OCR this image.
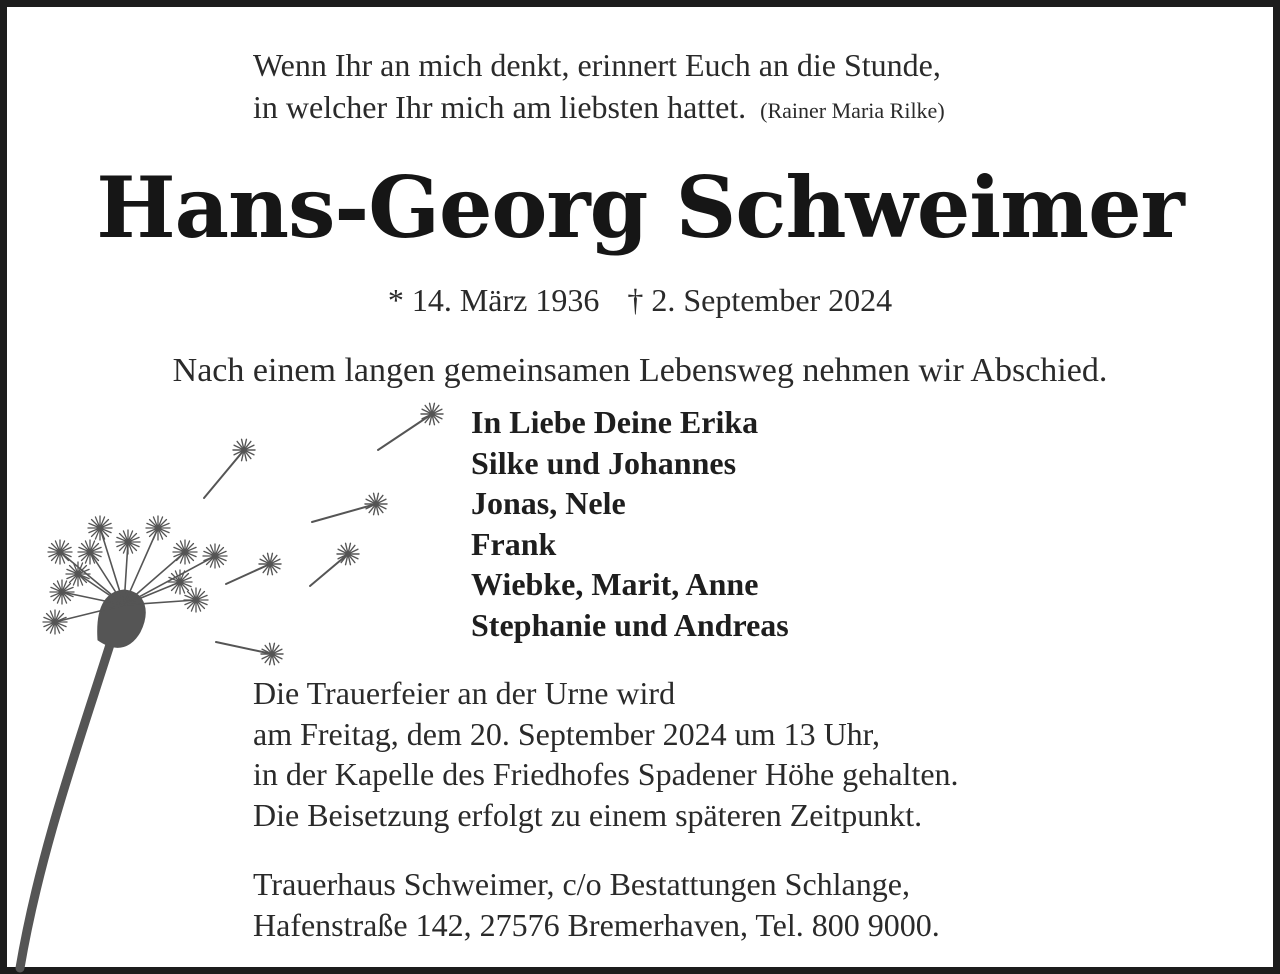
Wenn Ihr an mich denkt, erinnert Euch an die Stunde,
in welcher Ihr mich am liebsten hattet. (Rainer Maria Rilke)
Hans-Georg Schweimer
* 14. März 1936 † 2. September 2024
Nach einem langen gemeinsamen Lebensweg nehmen wir Abschied.
In Liebe Deine Erika
Silke und Johannes
Jonas, Nele
Frank
Wiebke, Marit, Anne
Stephanie und Andreas
Die Trauerfeier an der Urne wird
am Freitag, dem 20. September 2024 um 13 Uhr,
in der Kapelle des Friedhofes Spadener Höhe gehalten.
Die Beisetzung erfolgt zu einem späteren Zeitpunkt.
Trauerhaus Schweimer, c/o Bestattungen Schlange,
Hafenstraße 142, 27576 Bremerhaven, Tel. 800 9000.
